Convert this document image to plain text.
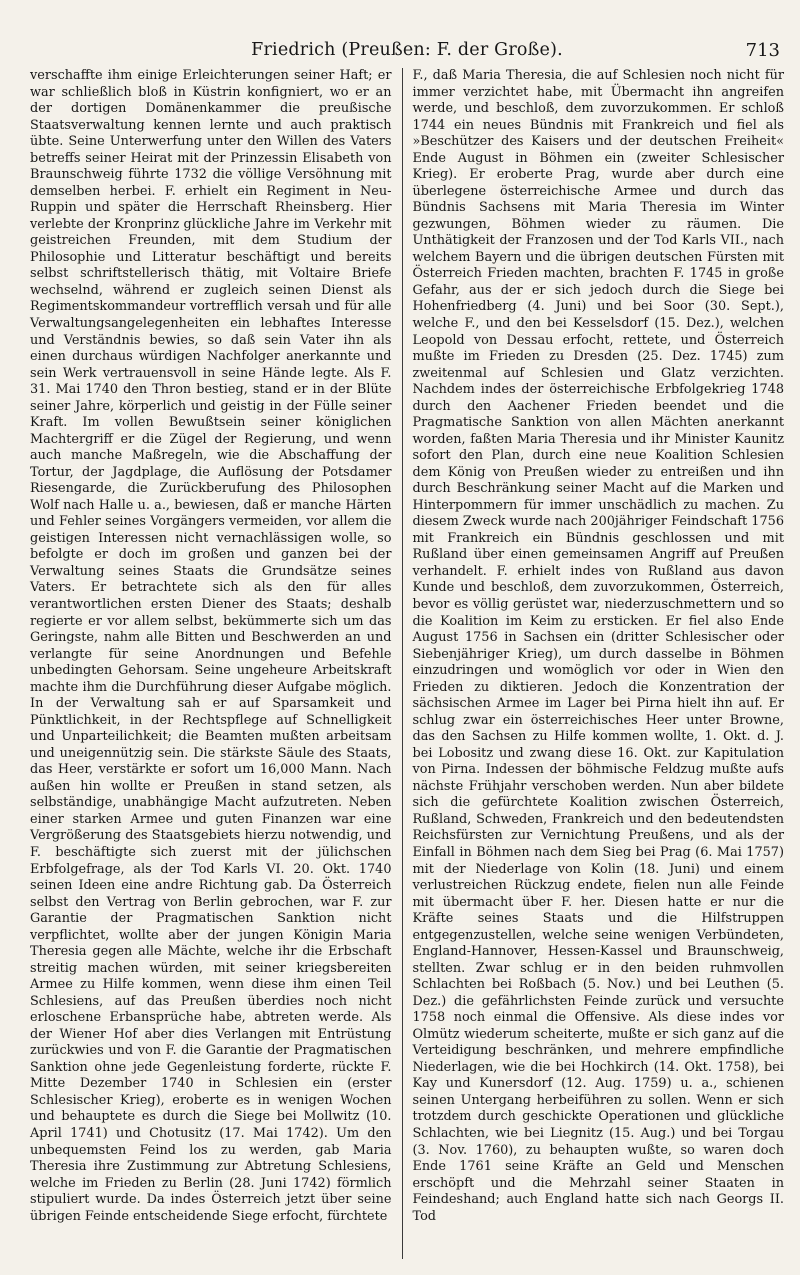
Friedrich (Preußen: F. der Große).	713

verschaffte ihm einige Erleichterungen seiner Haft; er war schließlich bloß in Küstrin konfigniert, wo er an der dortigen Domänenkammer die preußische Staatsverwaltung kennen lernte und auch praktisch übte. Seine Unterwerfung unter den Willen des Vaters betreffs seiner Heirat mit der Prinzessin Elisabeth von Braunschweig führte 1732 die völlige Versöhnung mit demselben herbei. F. erhielt ein Regiment in Neu-Ruppin und später die Herrschaft Rheinsberg. Hier verlebte der Kronprinz glückliche Jahre im Verkehr mit geistreichen Freunden, mit dem Studium der Philosophie und Litteratur beschäftigt und bereits selbst schriftstellerisch thätig, mit Voltaire Briefe wechselnd, während er zugleich seinen Dienst als Regimentskommandeur vortrefflich versah und für alle Verwaltungsangelegenheiten ein lebhaftes Interesse und Verständnis bewies, so daß sein Vater ihn als einen durchaus würdigen Nachfolger anerkannte und sein Werk vertrauensvoll in seine Hände legte. Als F. 31. Mai 1740 den Thron bestieg, stand er in der Blüte seiner Jahre, körperlich und geistig in der Fülle seiner Kraft. Im vollen Bewußtsein seiner königlichen Machtergriff er die Zügel der Regierung, und wenn auch manche Maßregeln, wie die Abschaffung der Tortur, der Jagdplage, die Auflösung der Potsdamer Riesengarde, die Zurückberufung des Philosophen Wolf nach Halle u. a., bewiesen, daß er manche Härten und Fehler seines Vorgängers vermeiden, vor allem die geistigen Interessen nicht vernachlässigen wolle, so befolgte er doch im großen und ganzen bei der Verwaltung seines Staats die Grundsätze seines Vaters. Er betrachtete sich als den für alles verantwortlichen ersten Diener des Staats; deshalb regierte er vor allem selbst, bekümmerte sich um das Geringste, nahm alle Bitten und Beschwerden an und verlangte für seine Anordnungen und Befehle unbedingten Gehorsam. Seine ungeheure Arbeitskraft machte ihm die Durchführung dieser Aufgabe möglich. In der Verwaltung sah er auf Sparsamkeit und Pünktlichkeit, in der Rechtspflege auf Schnelligkeit und Unparteilichkeit; die Beamten mußten arbeitsam und uneigennützig sein. Die stärkste Säule des Staats, das Heer, verstärkte er sofort um 16,000 Mann. Nach außen hin wollte er Preußen in stand setzen, als selbständige, unabhängige Macht aufzutreten. Neben einer starken Armee und guten Finanzen war eine Vergrößerung des Staatsgebiets hierzu notwendig, und F. beschäftigte sich zuerst mit der jülichschen Erbfolgefrage, als der Tod Karls VI. 20. Okt. 1740 seinen Ideen eine andre Richtung gab. Da Österreich selbst den Vertrag von Berlin gebrochen, war F. zur Garantie der Pragmatischen Sanktion nicht verpflichtet, wollte aber der jungen Königin Maria Theresia gegen alle Mächte, welche ihr die Erbschaft streitig machen würden, mit seiner kriegsbereiten Armee zu Hilfe kommen, wenn diese ihm einen Teil Schlesiens, auf das Preußen überdies noch nicht erloschene Erbansprüche habe, abtreten werde. Als der Wiener Hof aber dies Verlangen mit Entrüstung zurückwies und von F. die Garantie der Pragmatischen Sanktion ohne jede Gegenleistung forderte, rückte F. Mitte Dezember 1740 in Schlesien ein (erster Schlesischer Krieg), eroberte es in wenigen Wochen und behauptete es durch die Siege bei Mollwitz (10. April 1741) und Chotusitz (17. Mai 1742). Um den unbequemsten Feind los zu werden, gab Maria Theresia ihre Zustimmung zur Abtretung Schlesiens, welche im Frieden zu Berlin (28. Juni 1742) förmlich stipuliert wurde. Da indes Österreich jetzt über seine übrigen Feinde entscheidende Siege erfocht, fürchtete

F., daß Maria Theresia, die auf Schlesien noch nicht für immer verzichtet habe, mit Übermacht ihn angreifen werde, und beschloß, dem zuvorzukommen. Er schloß 1744 ein neues Bündnis mit Frankreich und fiel als »Beschützer des Kaisers und der deutschen Freiheit« Ende August in Böhmen ein (zweiter Schlesischer Krieg). Er eroberte Prag, wurde aber durch eine überlegene österreichische Armee und durch das Bündnis Sachsens mit Maria Theresia im Winter gezwungen, Böhmen wieder zu räumen. Die Unthätigkeit der Franzosen und der Tod Karls VII., nach welchem Bayern und die übrigen deutschen Fürsten mit Österreich Frieden machten, brachten F. 1745 in große Gefahr, aus der er sich jedoch durch die Siege bei Hohenfriedberg (4. Juni) und bei Soor (30. Sept.), welche F., und den bei Kesselsdorf (15. Dez.), welchen Leopold von Dessau erfocht, rettete, und Österreich mußte im Frieden zu Dresden (25. Dez. 1745) zum zweitenmal auf Schlesien und Glatz verzichten. Nachdem indes der österreichische Erbfolgekrieg 1748 durch den Aachener Frieden beendet und die Pragmatische Sanktion von allen Mächten anerkannt worden, faßten Maria Theresia und ihr Minister Kaunitz sofort den Plan, durch eine neue Koalition Schlesien dem König von Preußen wieder zu entreißen und ihn durch Beschränkung seiner Macht auf die Marken und Hinterpommern für immer unschädlich zu machen. Zu diesem Zweck wurde nach 200jähriger Feindschaft 1756 mit Frankreich ein Bündnis geschlossen und mit Rußland über einen gemeinsamen Angriff auf Preußen verhandelt. F. erhielt indes von Rußland aus davon Kunde und beschloß, dem zuvorzukommen, Österreich, bevor es völlig gerüstet war, niederzuschmettern und so die Koalition im Keim zu ersticken. Er fiel also Ende August 1756 in Sachsen ein (dritter Schlesischer oder Siebenjähriger Krieg), um durch dasselbe in Böhmen einzudringen und womöglich vor oder in Wien den Frieden zu diktieren. Jedoch die Konzentration der sächsischen Armee im Lager bei Pirna hielt ihn auf. Er schlug zwar ein österreichisches Heer unter Browne, das den Sachsen zu Hilfe kommen wollte, 1. Okt. d. J. bei Lobositz und zwang diese 16. Okt. zur Kapitulation von Pirna. Indessen der böhmische Feldzug mußte aufs nächste Frühjahr verschoben werden. Nun aber bildete sich die gefürchtete Koalition zwischen Österreich, Rußland, Schweden, Frankreich und den bedeutendsten Reichsfürsten zur Vernichtung Preußens, und als der Einfall in Böhmen nach dem Sieg bei Prag (6. Mai 1757) mit der Niederlage von Kolin (18. Juni) und einem verlustreichen Rückzug endete, fielen nun alle Feinde mit übermacht über F. her. Diesen hatte er nur die Kräfte seines Staats und die Hilfstruppen entgegenzustellen, welche seine wenigen Verbündeten, England-Hannover, Hessen-Kassel und Braunschweig, stellten. Zwar schlug er in den beiden ruhmvollen Schlachten bei Roßbach (5. Nov.) und bei Leuthen (5. Dez.) die gefährlichsten Feinde zurück und versuchte 1758 noch einmal die Offensive. Als diese indes vor Olmütz wiederum scheiterte, mußte er sich ganz auf die Verteidigung beschränken, und mehrere empfindliche Niederlagen, wie die bei Hochkirch (14. Okt. 1758), bei Kay und Kunersdorf (12. Aug. 1759) u. a., schienen seinen Untergang herbeiführen zu sollen. Wenn er sich trotzdem durch geschickte Operationen und glückliche Schlachten, wie bei Liegnitz (15. Aug.) und bei Torgau (3. Nov. 1760), zu behaupten wußte, so waren doch Ende 1761 seine Kräfte an Geld und Menschen erschöpft und die Mehrzahl seiner Staaten in Feindeshand; auch England hatte sich nach Georgs II. Tod
